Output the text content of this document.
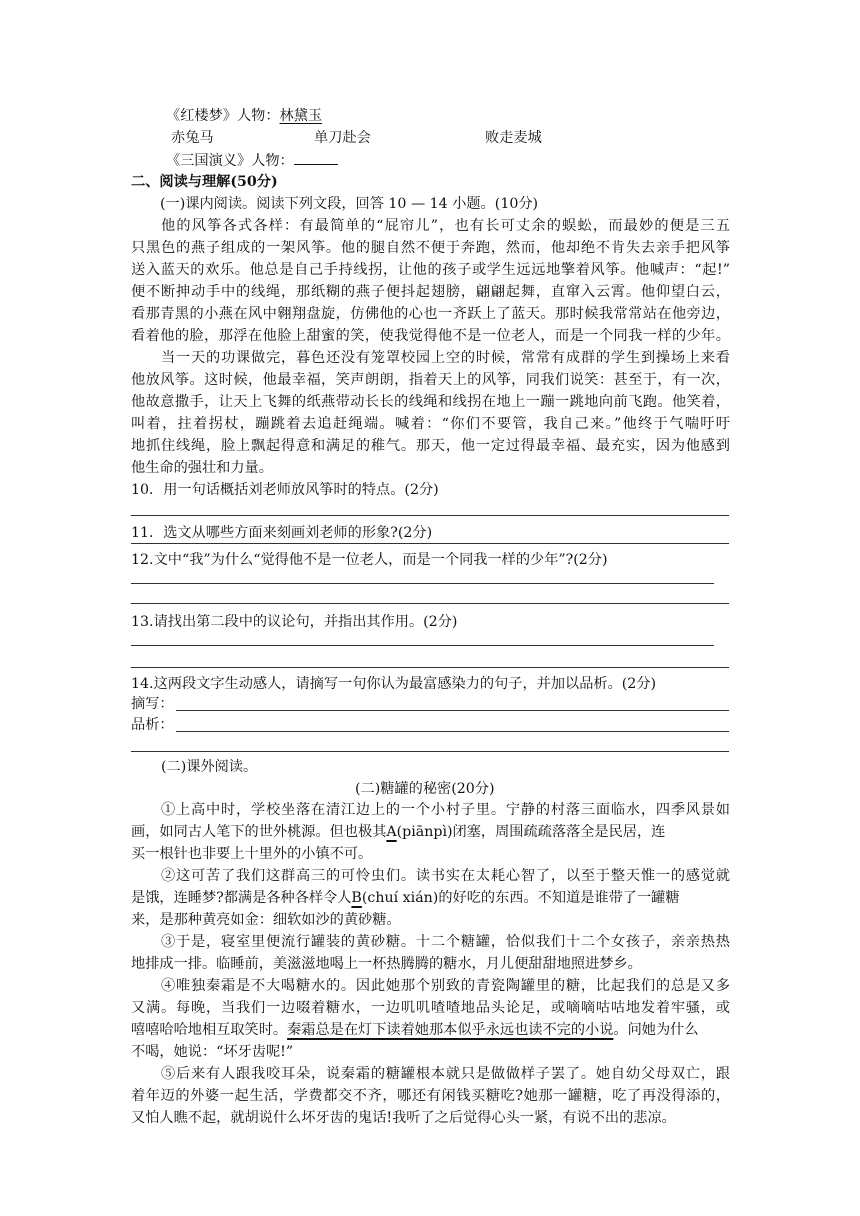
《红楼梦》人物：林黛玉
赤兔马	单刀赴会	败走麦城
《三国演义》人物：
二、阅读与理解(50分)
(一)课内阅读。阅读下列文段，回答 10 — 14 小题。(10分)
他的风筝各式各样：有最简单的“屁帘儿”，也有长可丈余的蜈蚣，而最妙的便是三五
只黑色的燕子组成的一架风筝。他的腿自然不便于奔跑，然而，他却绝不肯失去亲手把风筝
送入蓝天的欢乐。他总是自己手持线拐，让他的孩子或学生远远地擎着风筝。他喊声：“起!”
便不断抻动手中的线绳，那纸糊的燕子便抖起翅膀，翩翩起舞，直窜入云霄。他仰望白云，
看那青黑的小燕在风中翱翔盘旋，仿佛他的心也一齐跃上了蓝天。那时候我常常站在他旁边，
看着他的脸，那浮在他脸上甜蜜的笑，使我觉得他不是一位老人，而是一个同我一样的少年。
当一天的功课做完，暮色还没有笼罩校园上空的时候，常常有成群的学生到操场上来看
他放风筝。这时候，他最幸福，笑声朗朗，指着天上的风筝，同我们说笑：甚至于，有一次，
他故意撒手，让天上飞舞的纸燕带动长长的线绳和线拐在地上一蹦一跳地向前飞跑。他笑着，
叫着，拄着拐杖，蹦跳着去追赶绳端。喊着：“你们不要管，我自己来。”他终于气喘吁吁
地抓住线绳，脸上飘起得意和满足的稚气。那天，他一定过得最幸福、最充实，因为他感到
他生命的强壮和力量。
10．用一句话概括刘老师放风筝时的特点。(2分)
11．选文从哪些方面来刻画刘老师的形象?(2分)
12.文中“我”为什么“觉得他不是一位老人，而是一个同我一样的少年”?(2分)
13.请找出第二段中的议论句，并指出其作用。(2分)
14.这两段文字生动感人，请摘写一句你认为最富感染力的句子，并加以品析。(2分)
摘写：
品析：
(二)课外阅读。
(二)糖罐的秘密(20分)
①上高中时，学校坐落在清江边上的一个小村子里。宁静的村落三面临水，四季风景如
画，如同古人笔下的世外桃源。但也极其A(piānpì)闭塞，周围疏疏落落全是民居，连
买一根针也非要上十里外的小镇不可。
②这可苦了我们这群高三的可怜虫们。读书实在太耗心智了，以至于整天惟一的感觉就
是饿，连睡梦?都满是各种各样令人B(chuí xián)的好吃的东西。不知道是谁带了一罐糖
来，是那种黄亮如金：细软如沙的黄砂糖。
③于是，寝室里便流行罐装的黄砂糖。十二个糖罐，恰似我们十二个女孩子，亲亲热热
地排成一排。临睡前，美滋滋地喝上一杯热腾腾的糖水，月儿便甜甜地照进梦乡。
④唯独秦霜是不大喝糖水的。因此她那个别致的青瓷陶罐里的糖，比起我们的总是又多
又满。每晚，当我们一边啜着糖水，一边叽叽喳喳地品头论足，或嘀嘀咕咕地发着牢骚，或
嘻嘻哈哈地相互取笑时。秦霜总是在灯下读着她那本似乎永远也读不完的小说。问她为什么
不喝，她说：“坏牙齿呢!”
⑤后来有人跟我咬耳朵，说秦霜的糖罐根本就只是做做样子罢了。她自幼父母双亡，跟
着年迈的外婆一起生活，学费都交不齐，哪还有闲钱买糖吃?她那一罐糖，吃了再没得添的，
又怕人瞧不起，就胡说什么坏牙齿的鬼话!我听了之后觉得心头一紧，有说不出的悲凉。
